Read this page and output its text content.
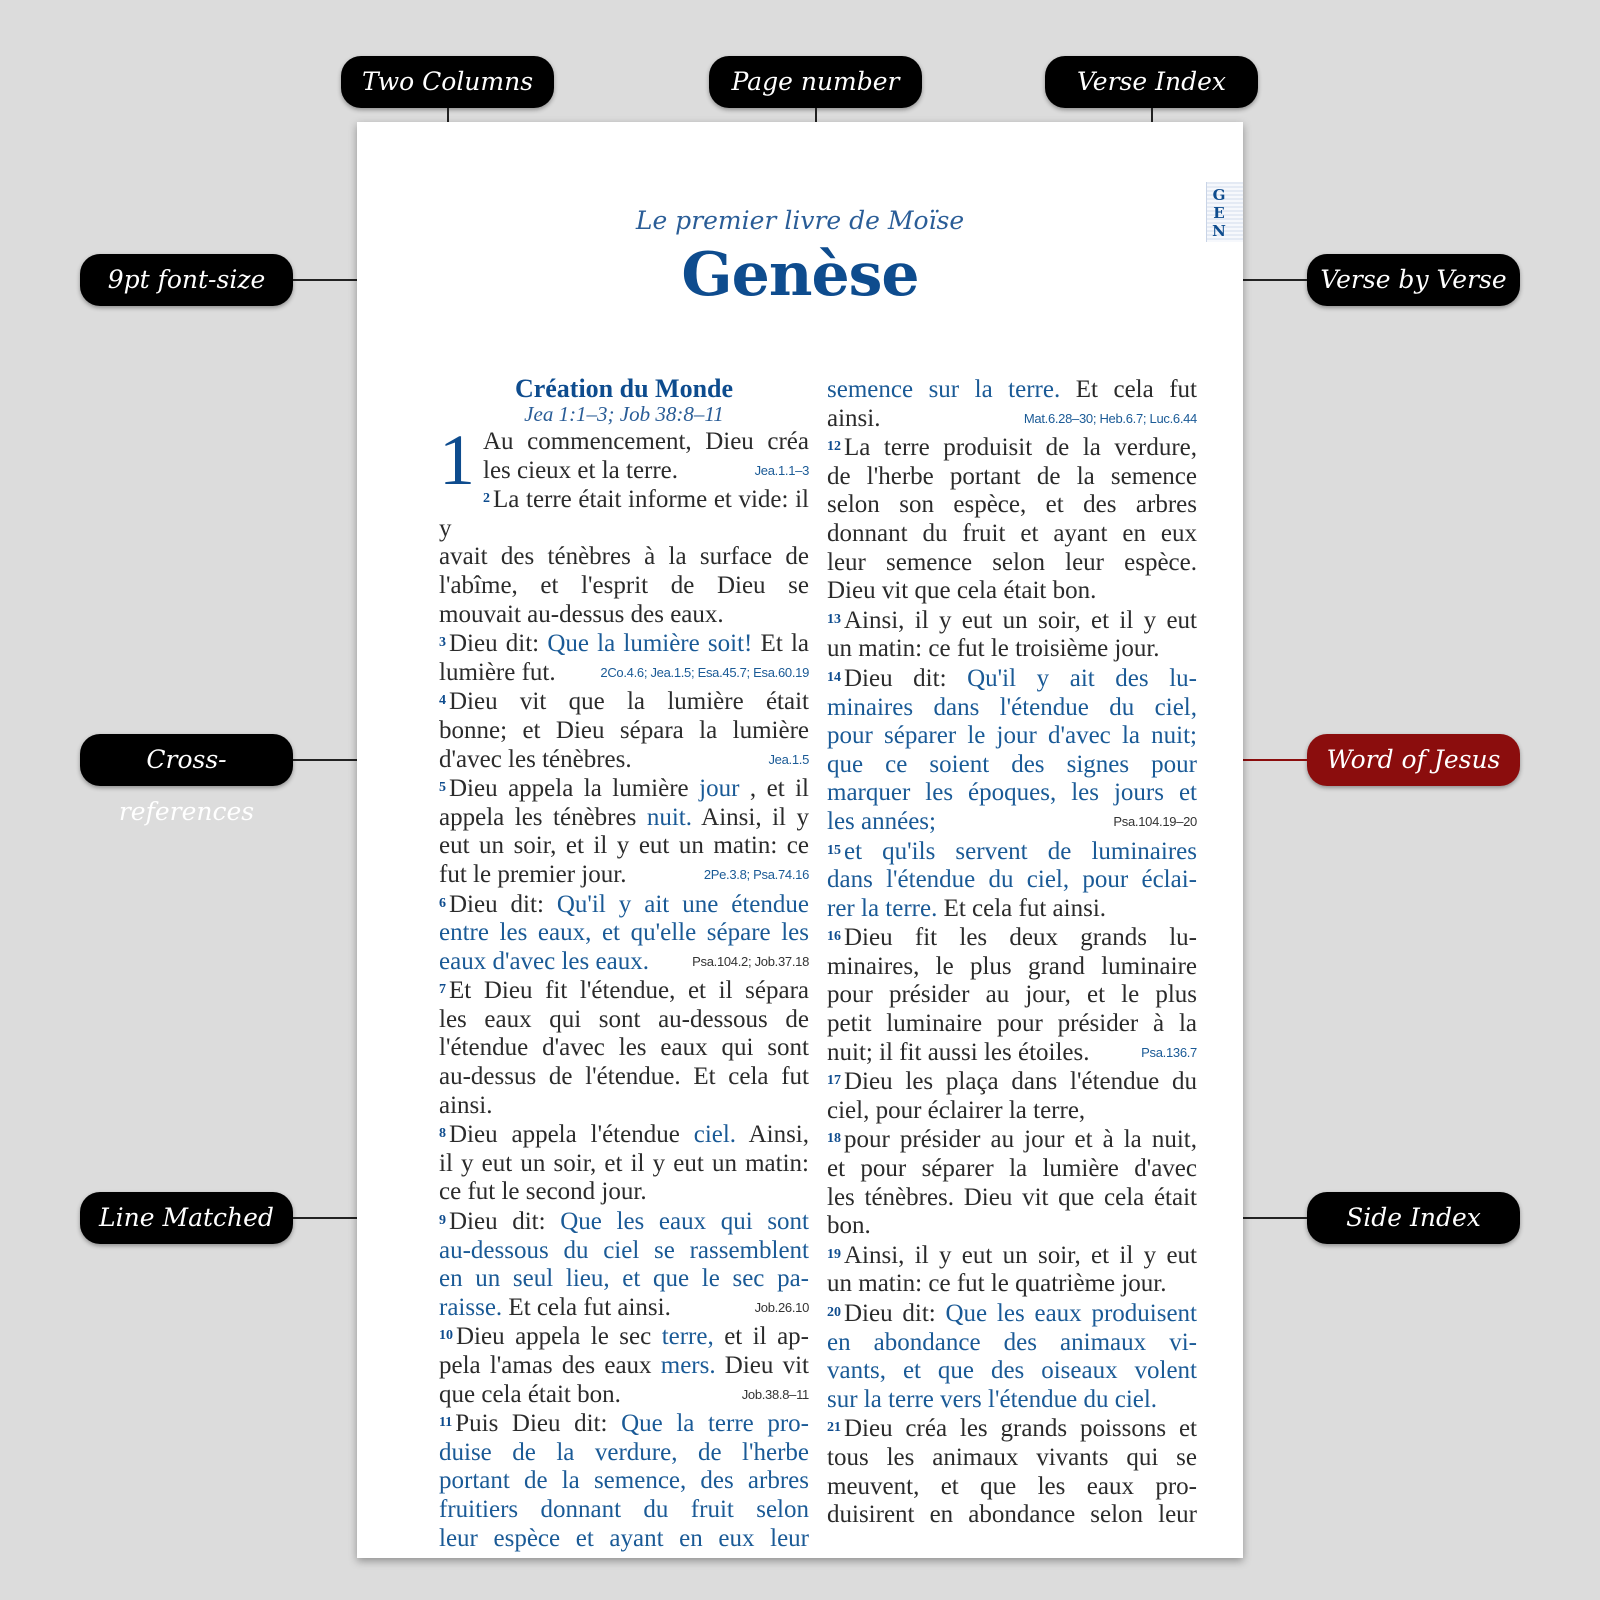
Two Columns	Page number	Verse Index
9pt font-size	Verse by Verse
Cross-references
Word of Jesus
Line Matched	Side Index
GEN
Le premier livre de Moïse
Genèse
Création du Monde
Jea 1:1–3; Job 38:8–11
1 Au commencement, Dieu créa
les cieux et la terre.	Jea.1.1–3
$^2$ La terre était informe et vide: il y
avait des ténèbres à la surface de
l'abîme, et l'esprit de Dieu se
mouvait au-dessus des eaux.
$^3$ Dieu dit: Que la lumière soit! Et la
lumière fut.	2Co.4.6; Jea.1.5; Esa.45.7; Esa.60.19
$^4$ Dieu vit que la lumière était
bonne; et Dieu sépara la lumière
d'avec les ténèbres.	Jea.1.5
$^5$ Dieu appela la lumière jour , et il
appela les ténèbres nuit. Ainsi, il y
eut un soir, et il y eut un matin: ce
fut le premier jour.	2Pe.3.8; Psa.74.16
$^6$ Dieu dit: Qu'il y ait une étendue
entre les eaux, et qu'elle sépare les
eaux d'avec les eaux.	Psa.104.2; Job.37.18
$^7$ Et Dieu fit l'étendue, et il sépara
les eaux qui sont au-dessous de
l'étendue d'avec les eaux qui sont
au-dessus de l'étendue. Et cela fut
ainsi.
$^8$ Dieu appela l'étendue ciel. Ainsi,
il y eut un soir, et il y eut un matin:
ce fut le second jour.
$^9$ Dieu dit: Que les eaux qui sont
au-dessous du ciel se rassemblent
en un seul lieu, et que le sec pa-
raisse. Et cela fut ainsi.	Job.26.10
$^{10}$ Dieu appela le sec terre, et il ap-
pela l'amas des eaux mers. Dieu vit
que cela était bon.	Job.38.8–11
$^{11}$ Puis Dieu dit: Que la terre pro-
duise de la verdure, de l'herbe
portant de la semence, des arbres
fruitiers donnant du fruit selon
leur espèce et ayant en eux leur
semence sur la terre. Et cela fut
ainsi.	Mat.6.28–30; Heb.6.7; Luc.6.44
$^{12}$ La terre produisit de la verdure,
de l'herbe portant de la semence
selon son espèce, et des arbres
donnant du fruit et ayant en eux
leur semence selon leur espèce.
Dieu vit que cela était bon.
$^{13}$ Ainsi, il y eut un soir, et il y eut
un matin: ce fut le troisième jour.
$^{14}$ Dieu dit: Qu'il y ait des lu-
minaires dans l'étendue du ciel,
pour séparer le jour d'avec la nuit;
que ce soient des signes pour
marquer les époques, les jours et
les années;	Psa.104.19–20
$^{15}$ et qu'ils servent de luminaires
dans l'étendue du ciel, pour éclai-
rer la terre. Et cela fut ainsi.
$^{16}$ Dieu fit les deux grands lu-
minaires, le plus grand luminaire
pour présider au jour, et le plus
petit luminaire pour présider à la
nuit; il fit aussi les étoiles.	Psa.136.7
$^{17}$ Dieu les plaça dans l'étendue du
ciel, pour éclairer la terre,
$^{18}$ pour présider au jour et à la nuit,
et pour séparer la lumière d'avec
les ténèbres. Dieu vit que cela était
bon.
$^{19}$ Ainsi, il y eut un soir, et il y eut
un matin: ce fut le quatrième jour.
$^{20}$ Dieu dit: Que les eaux produisent
en abondance des animaux vi-
vants, et que des oiseaux volent
sur la terre vers l'étendue du ciel.
$^{21}$ Dieu créa les grands poissons et
tous les animaux vivants qui se
meuvent, et que les eaux pro-
duisirent en abondance selon leur
